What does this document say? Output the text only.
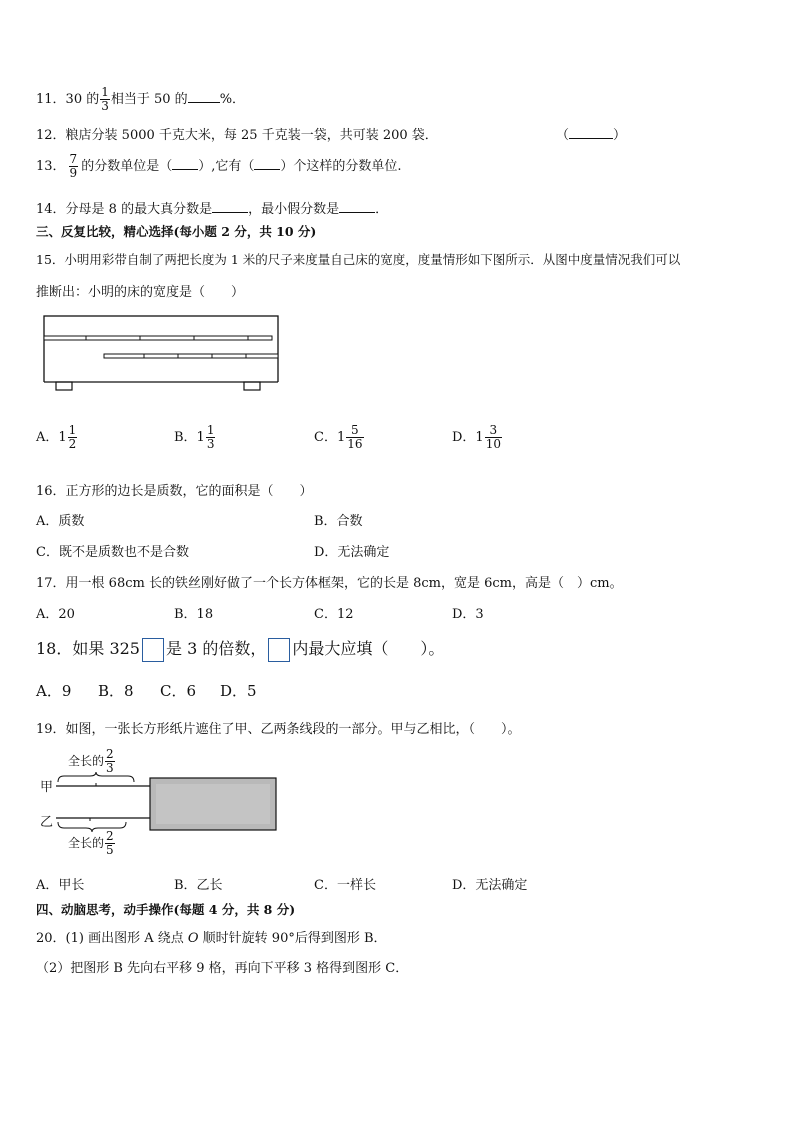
11．30 的 $\frac{1}{3}$ 相当于 50 的 %．
12．粮店分装 5000 千克大米，每 25 千克装一袋，共可装 200 袋．	（	）
13． $\frac{7}{9}$ 的分数单位是（ ）,它有（ ）个这样的分数单位.
14．分母是 8 的最大真分数是	，最小假分数是	．
三、反复比较，精心选择(每小题 2 分，共 10 分)
15．小明用彩带自制了两把长度为 1 米的尺子来度量自己床的宽度，度量情形如下图所示．从图中度量情况我们可以
推断出：小明的床的宽度是（　　）
A．$1 \frac{1}{2}$	B．$1 \frac{1}{3}$	C．$1 \frac{5}{16}$	D．$1 \frac{3}{10}$
16．正方形的边长是质数，它的面积是（　　）
A．质数	B．合数
C．既不是质数也不是合数	D．无法确定
17．用一根 68cm 长的铁丝刚好做了一个长方体框架，它的长是 8cm，宽是 6cm，高是（　）cm。
A．20	B．18	C．12	D．3
18．如果 325 是 3 的倍数， 内最大应填（　　）。
A．9 B．8 C．6 D．5
19．如图，一张长方形纸片遮住了甲、乙两条线段的一部分。甲与乙相比，（　　）。
全长的 $\frac{2}{3}$
甲
乙
全长的 $\frac{2}{5}$
A．甲长	B．乙长	C．一样长	D．无法确定
四、动脑思考，动手操作(每题 4 分，共 8 分)
20．(1) 画出图形 A 绕点 O 顺时针旋转 90°后得到图形 B．
（2）把图形 B 先向右平移 9 格，再向下平移 3 格得到图形 C．
